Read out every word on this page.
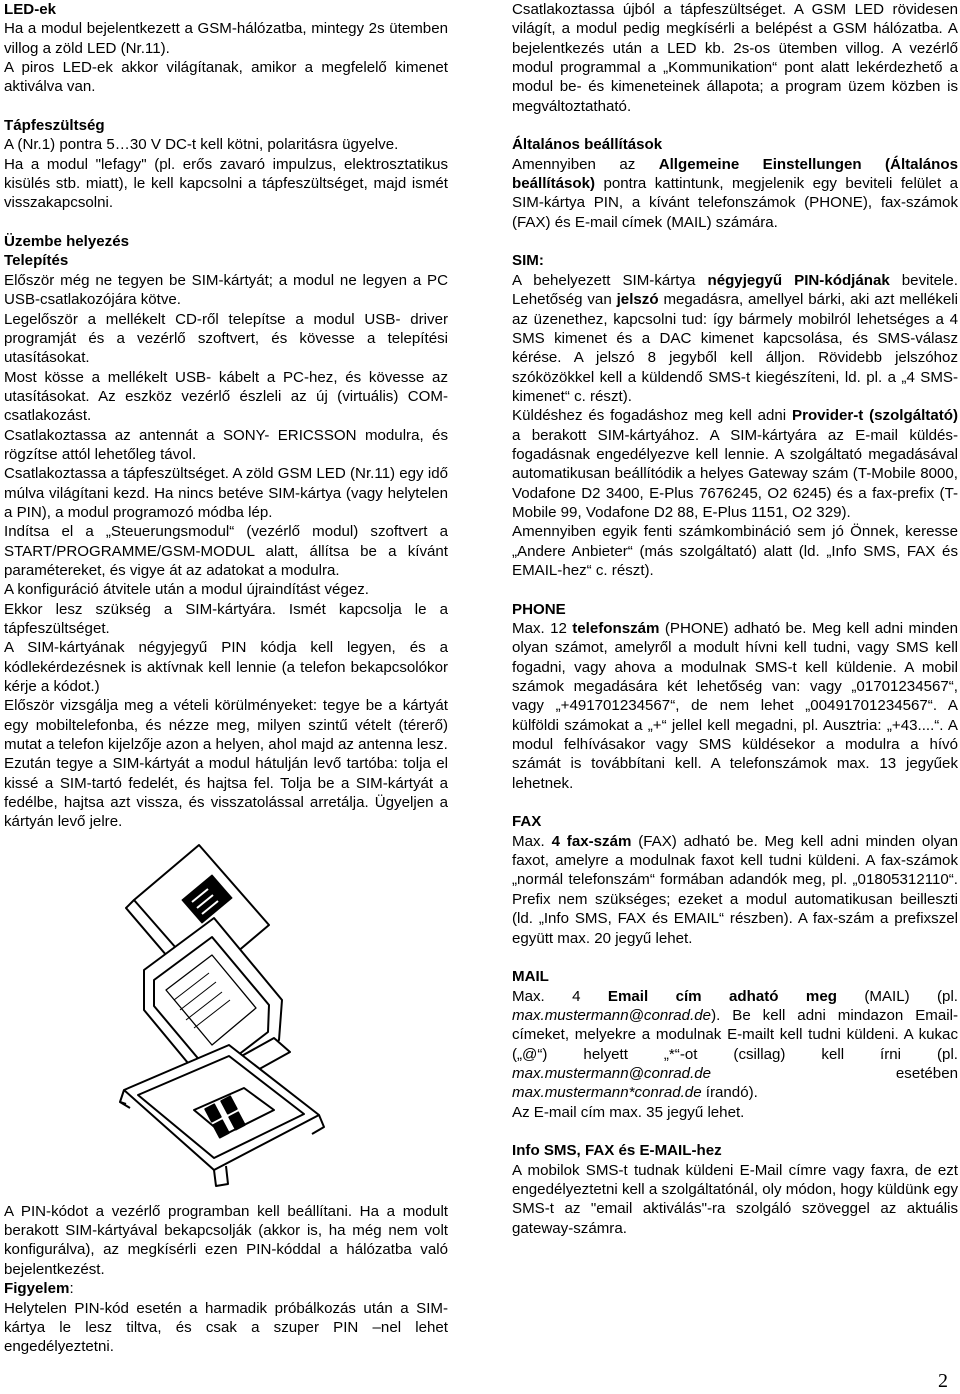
LED-ek

Ha a modul bejelentkezett a GSM-hálózatba, mintegy 2s ütemben villog a zöld LED (Nr.11).

A piros LED-ek akkor világítanak, amikor a megfelelő kimenet aktiválva van.

Tápfeszültség

A (Nr.1) pontra 5…30 V DC-t kell kötni, polaritásra ügyelve.

Ha a modul "lefagy" (pl. erős zavaró impulzus, elektrosztatikus kisülés stb. miatt), le kell kapcsolni a tápfeszültséget, majd ismét visszakapcsolni.

Üzembe helyezés

Telepítés

Először még ne tegyen be SIM-kártyát; a modul ne legyen a PC USB-csatlakozójára kötve.

Legelőször a mellékelt CD-ről telepítse a modul USB- driver programját és a vezérlő szoftvert, és kövesse a telepítési utasításokat.

Most kösse a mellékelt USB- kábelt a PC-hez, és kövesse az utasításokat. Az eszköz vezérlő észleli az új (virtuális) COM-csatlakozást.

Csatlakoztassa az antennát a SONY- ERICSSON modulra, és rögzítse attól lehetőleg távol.

Csatlakoztassa a tápfeszültséget. A zöld GSM LED (Nr.11) egy idő múlva világítani kezd. Ha nincs betéve SIM-kártya (vagy helytelen a PIN), a modul programozó módba lép.

Indítsa el a „Steuerungsmodul“ (vezérlő modul) szoftvert a START/PROGRAMME/GSM-MODUL alatt, állítsa be a kívánt paramétereket, és vigye át az adatokat a modulra.

A konfiguráció átvitele után a modul újraindítást végez.

Ekkor lesz szükség a SIM-kártyára. Ismét kapcsolja le a tápfeszültséget.

A SIM-kártyának négyjegyű PIN kódja kell legyen, és a kódlekérdezésnek is aktívnak kell lennie (a telefon bekapcsolókor kérje a kódot.)

Először vizsgálja meg a vételi körülményeket: tegye be a kártyát egy mobiltelefonba, és nézze meg, milyen szintű vételt (térerő) mutat a telefon kijelzője azon a helyen, ahol majd az antenna lesz.

Ezután tegye a SIM-kártyát a modul hátulján levő tartóba: tolja el kissé a SIM-tartó fedelét, és hajtsa fel. Tolja be a SIM-kártyát a fedélbe, hajtsa azt vissza, és visszatolással arretálja. Ügyeljen a kártyán levő jelre.

A PIN-kódot a vezérlő programban kell beállítani. Ha a modult berakott SIM-kártyával bekapcsolják (akkor is, ha még nem volt konfigurálva), az megkísérli ezen PIN-kóddal a hálózatba való bejelentkezést.

Figyelem:

Helytelen PIN-kód esetén a harmadik próbálkozás után a SIM-kártya le lesz tiltva, és csak a szuper PIN –nel lehet engedélyeztetni.

Csatlakoztassa újból a tápfeszültséget. A GSM LED rövidesen világít, a modul pedig megkísérli a belépést a GSM hálózatba. A bejelentkezés után a LED kb. 2s-os ütemben villog. A vezérlő modul programmal a „Kommunikation“ pont alatt lekérdezhető a modul be- és kimeneteinek állapota; a program üzem közben is megváltoztatható.

Általános beállítások

Amennyiben az Allgemeine Einstellungen (Általános beállítások) pontra kattintunk, megjelenik egy beviteli felület a SIM-kártya PIN, a kívánt telefonszámok (PHONE), fax-számok (FAX) és E-mail címek (MAIL) számára.

SIM:

A behelyezett SIM-kártya négyjegyű PIN-kódjának bevitele. Lehetőség van jelszó megadásra, amellyel bárki, aki azt mellékeli az üzenethez, kapcsolni tud: így bármely mobilról lehetséges a 4 SMS kimenet és a DAC kimenet kapcsolása, és SMS-válasz kérése. A jelszó 8 jegyből kell álljon. Rövidebb jelszóhoz szóközökkel kell a küldendő SMS-t kiegészíteni, ld. pl. a „4 SMS-kimenet“ c. részt).

Küldéshez és fogadáshoz meg kell adni Provider-t (szolgáltató) a berakott SIM-kártyához. A SIM-kártyára az E-mail küldés-fogadásnak engedélyezve kell lennie. A szolgáltató megadásával automatikusan beállítódik a helyes Gateway szám (T-Mobile 8000, Vodafone D2 3400, E-Plus 7676245, O2 6245) és a fax-prefix (T-Mobile 99, Vodafone D2 88, E-Plus 1151, O2 329).

Amennyiben egyik fenti számkombináció sem jó Önnek, keresse „Andere Anbieter“ (más szolgáltató) alatt (ld. „Info SMS, FAX és EMAIL-hez“ c. részt).

PHONE

Max. 12 telefonszám (PHONE) adható be. Meg kell adni minden olyan számot, amelyről a modult hívni kell tudni, vagy SMS kell fogadni, vagy ahova a modulnak SMS-t kell küldenie. A mobil számok megadására két lehetőség van: vagy „01701234567“, vagy „+491701234567“, de nem lehet „00491701234567“. A külföldi számokat a „+“ jellel kell megadni, pl. Ausztria: „+43....“. A modul felhívásakor vagy SMS küldésekor a modulra a hívó számát is továbbítani kell. A telefonszámok max. 13 jegyűek lehetnek.

FAX

Max. 4 fax-szám (FAX) adható be. Meg kell adni minden olyan faxot, amelyre a modulnak faxot kell tudni küldeni. A fax-számok „normál telefonszám“ formában adandók meg, pl. „01805312110“. Prefix nem szükséges; ezeket a modul automatikusan beilleszti (ld. „Info SMS, FAX és EMAIL“ részben). A fax-szám a prefixszel együtt max. 20 jegyű lehet.

MAIL

Max. 4 Email cím adható meg (MAIL) (pl. max.mustermann@conrad.de). Be kell adni mindazon Email-címeket, melyekre a modulnak E-mailt kell tudni küldeni. A kukac („@“) helyett „*“-ot (csillag) kell írni (pl. max.mustermann@conrad.de esetében max.mustermann*conrad.de írandó).

Az E-mail cím max. 35 jegyű lehet.

Info SMS, FAX és E-MAIL-hez

A mobilok SMS-t tudnak küldeni E-Mail címre vagy faxra, de ezt engedélyeztetni kell a szolgáltatónál, oly módon, hogy küldünk egy SMS-t az "email aktiválás"-ra szolgáló szöveggel az aktuális gateway-számra.

2
